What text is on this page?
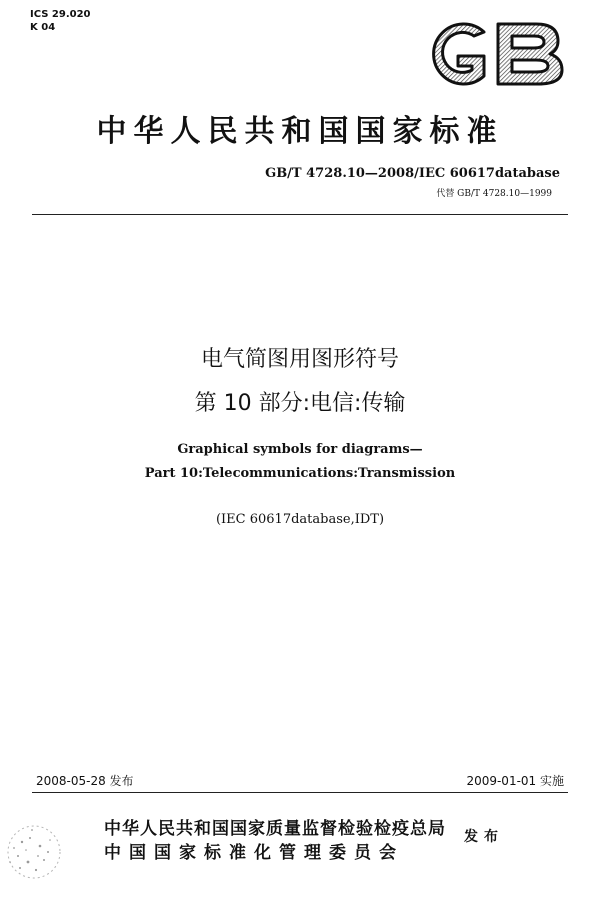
ICS 29.020
K 04
中华人民共和国国家标准
GB/T 4728.10—2008/IEC 60617database
代替 GB/T 4728.10—1999
电气简图用图形符号
第 10 部分:电信:传输
Graphical symbols for diagrams—
Part 10:Telecommunications:Transmission
(IEC 60617database,IDT)
2008-05-28 发布	2009-01-01 实施
中华人民共和国国家质量监督检验检疫总局
中国国家标准化管理委员会
发布
